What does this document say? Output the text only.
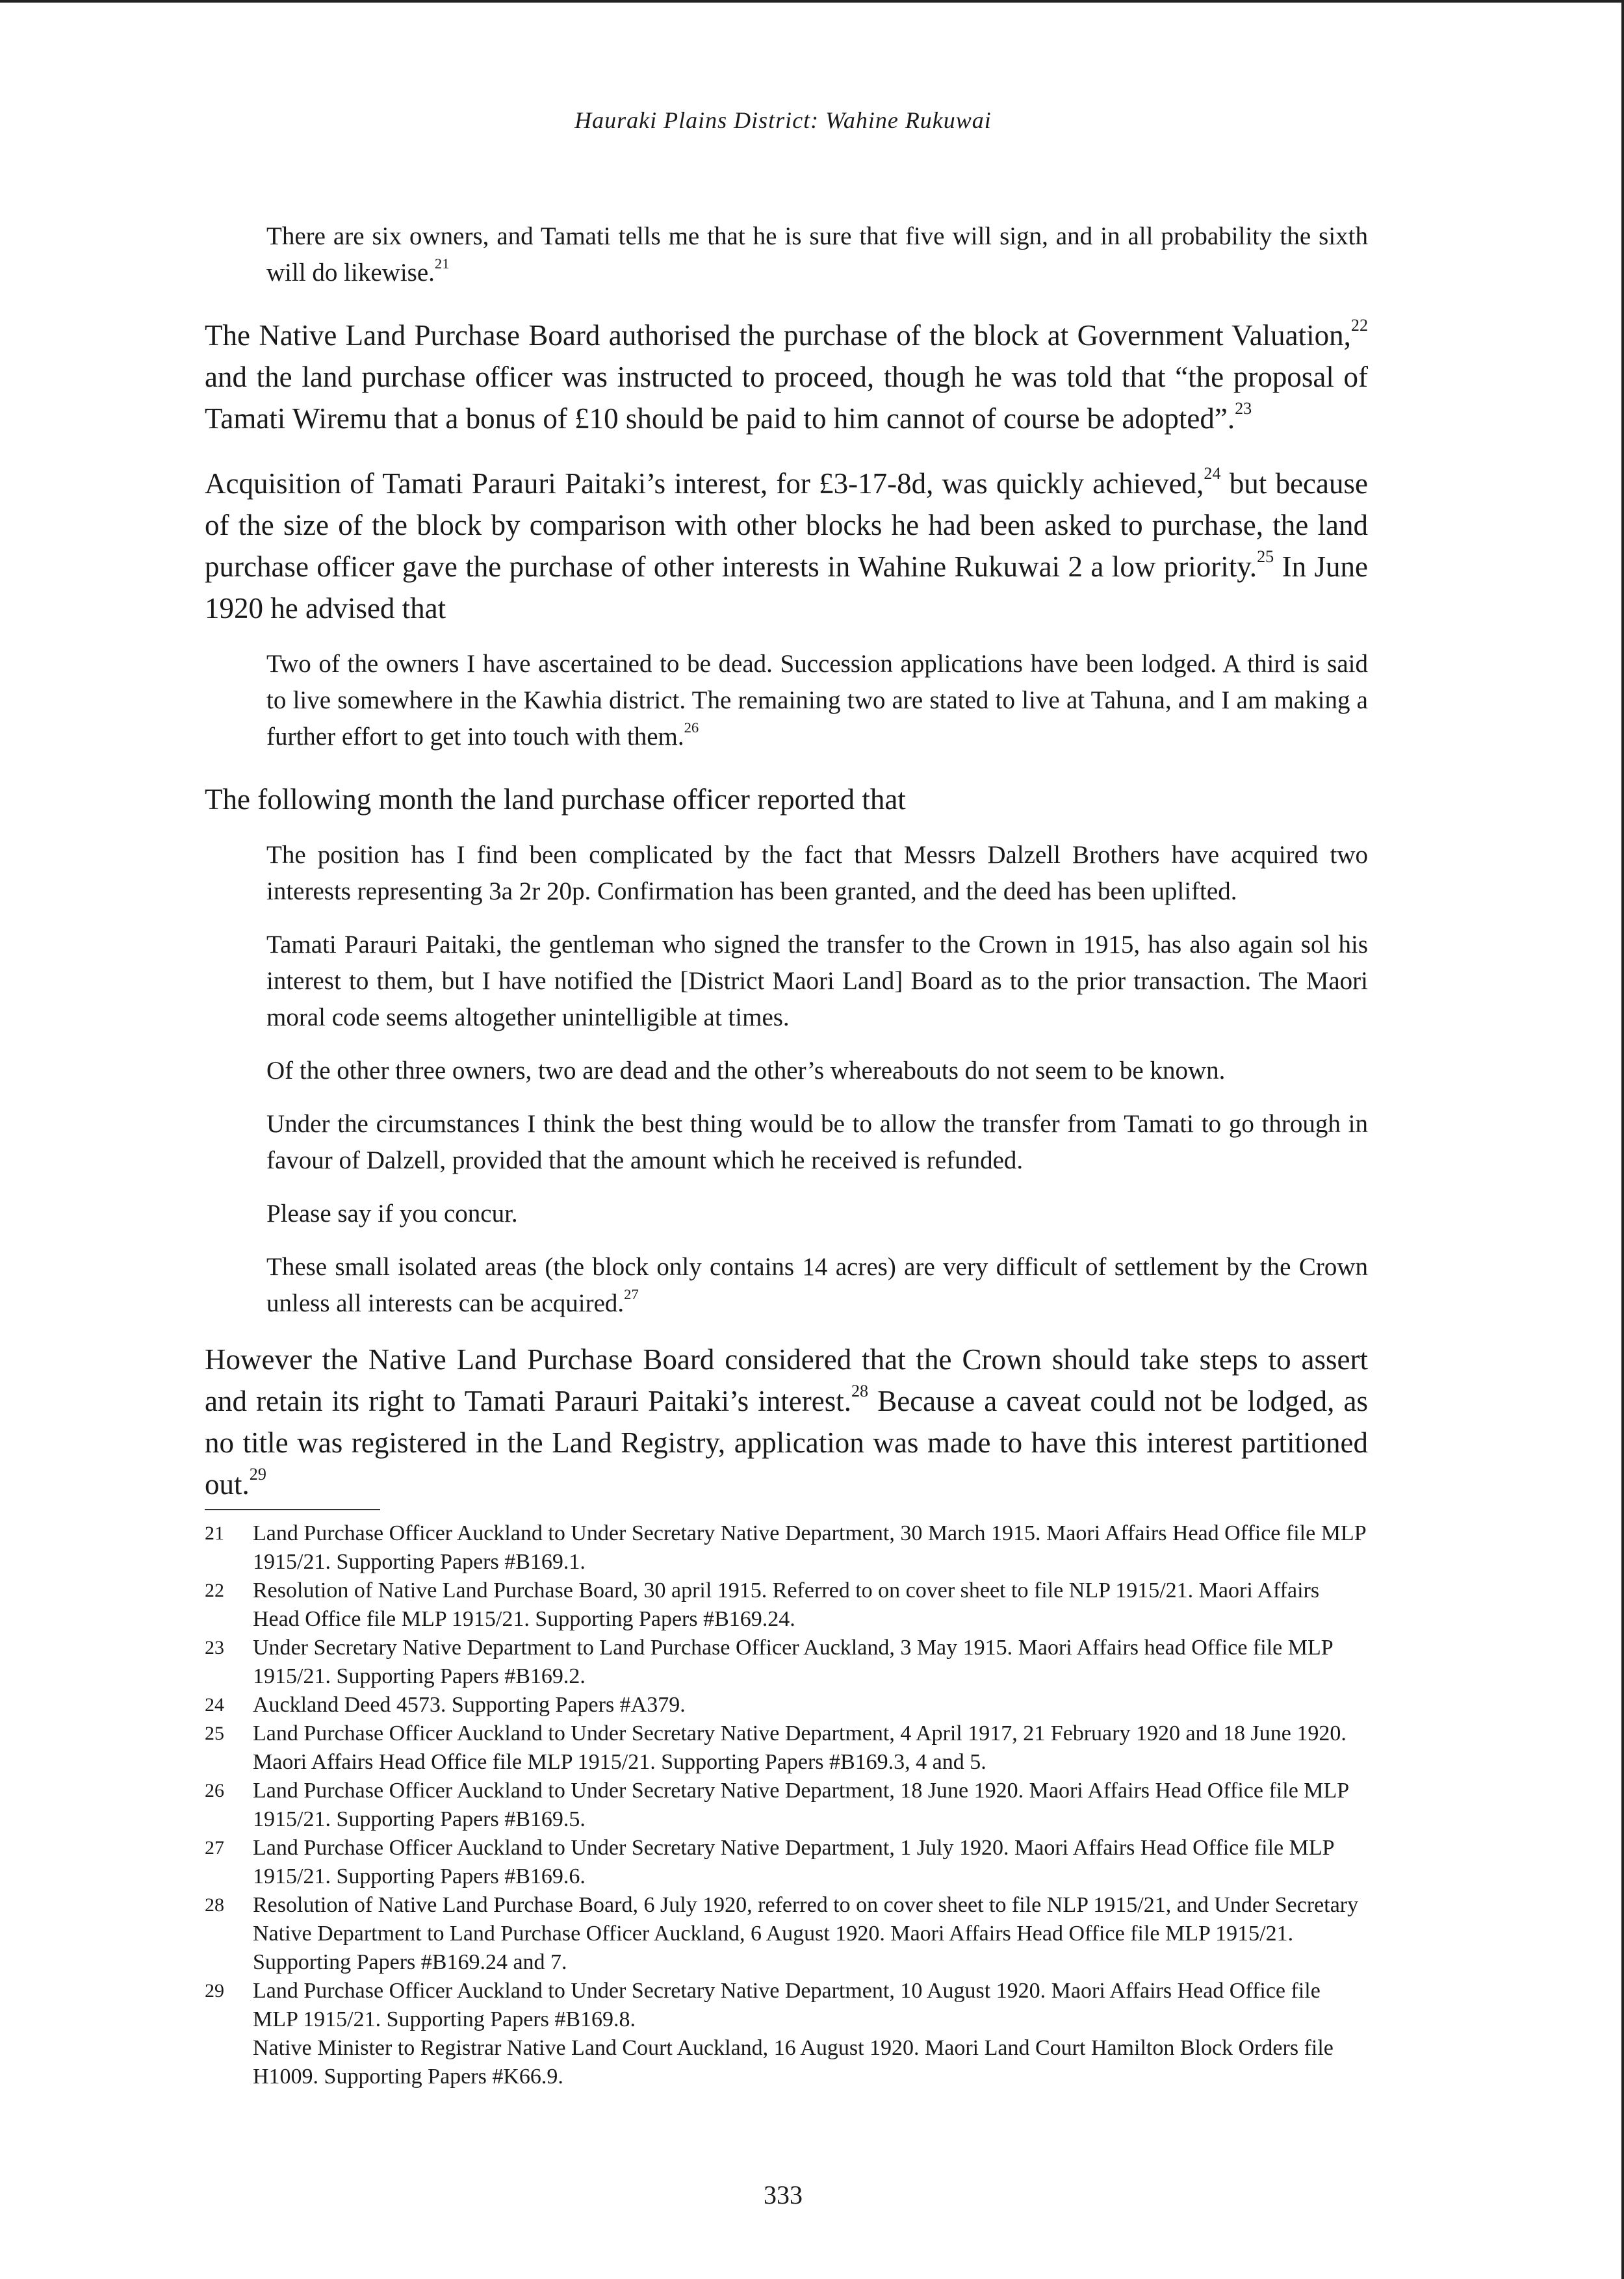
Hauraki Plains District: Wahine Rukuwai
There are six owners, and Tamati tells me that he is sure that five will sign, and in all probability the sixth will do likewise.$^{21}$
The Native Land Purchase Board authorised the purchase of the block at Government Valuation,$^{22}$ and the land purchase officer was instructed to proceed, though he was told that “the proposal of Tamati Wiremu that a bonus of £10 should be paid to him cannot of course be adopted”.$^{23}$
Acquisition of Tamati Parauri Paitaki’s interest, for £3-17-8d, was quickly achieved,$^{24}$ but because of the size of the block by comparison with other blocks he had been asked to purchase, the land purchase officer gave the purchase of other interests in Wahine Rukuwai 2 a low priority.$^{25}$ In June 1920 he advised that
Two of the owners I have ascertained to be dead. Succession applications have been lodged. A third is said to live somewhere in the Kawhia district. The remaining two are stated to live at Tahuna, and I am making a further effort to get into touch with them.$^{26}$
The following month the land purchase officer reported that
The position has I find been complicated by the fact that Messrs Dalzell Brothers have acquired two interests representing 3a 2r 20p. Confirmation has been granted, and the deed has been uplifted.
Tamati Parauri Paitaki, the gentleman who signed the transfer to the Crown in 1915, has also again sol his interest to them, but I have notified the [District Maori Land] Board as to the prior transaction. The Maori moral code seems altogether unintelligible at times.
Of the other three owners, two are dead and the other’s whereabouts do not seem to be known.
Under the circumstances I think the best thing would be to allow the transfer from Tamati to go through in favour of Dalzell, provided that the amount which he received is refunded.
Please say if you concur.
These small isolated areas (the block only contains 14 acres) are very difficult of settlement by the Crown unless all interests can be acquired.$^{27}$
However the Native Land Purchase Board considered that the Crown should take steps to assert and retain its right to Tamati Parauri Paitaki’s interest.$^{28}$ Because a caveat could not be lodged, as no title was registered in the Land Registry, application was made to have this interest partitioned out.$^{29}$
21	Land Purchase Officer Auckland to Under Secretary Native Department, 30 March 1915. Maori Affairs Head Office file MLP 1915/21. Supporting Papers #B169.1.
22	Resolution of Native Land Purchase Board, 30 april 1915. Referred to on cover sheet to file NLP 1915/21. Maori Affairs Head Office file MLP 1915/21. Supporting Papers #B169.24.
23	Under Secretary Native Department to Land Purchase Officer Auckland, 3 May 1915. Maori Affairs head Office file MLP 1915/21. Supporting Papers #B169.2.
24	Auckland Deed 4573. Supporting Papers #A379.
25	Land Purchase Officer Auckland to Under Secretary Native Department, 4 April 1917, 21 February 1920 and 18 June 1920. Maori Affairs Head Office file MLP 1915/21. Supporting Papers #B169.3, 4 and 5.
26	Land Purchase Officer Auckland to Under Secretary Native Department, 18 June 1920. Maori Affairs Head Office file MLP 1915/21. Supporting Papers #B169.5.
27	Land Purchase Officer Auckland to Under Secretary Native Department, 1 July 1920. Maori Affairs Head Office file MLP 1915/21. Supporting Papers #B169.6.
28	Resolution of Native Land Purchase Board, 6 July 1920, referred to on cover sheet to file NLP 1915/21, and Under Secretary Native Department to Land Purchase Officer Auckland, 6 August 1920. Maori Affairs Head Office file MLP 1915/21. Supporting Papers #B169.24 and 7.
29	Land Purchase Officer Auckland to Under Secretary Native Department, 10 August 1920. Maori Affairs Head Office file MLP 1915/21. Supporting Papers #B169.8.
Native Minister to Registrar Native Land Court Auckland, 16 August 1920. Maori Land Court Hamilton Block Orders file H1009. Supporting Papers #K66.9.
333
